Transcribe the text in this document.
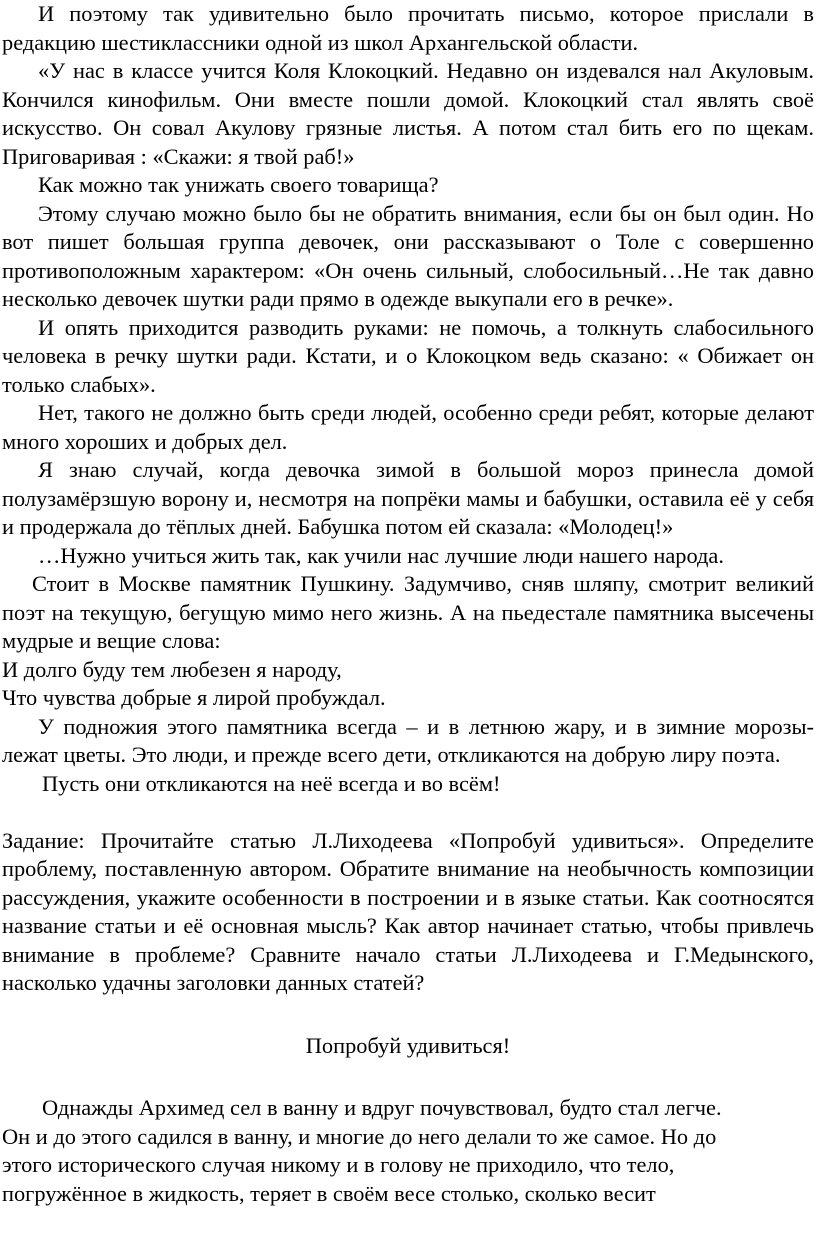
И поэтому так удивительно было прочитать письмо, которое прислали в редакцию шестиклассники одной из школ Архангельской области.

«У нас в классе учится Коля Клокоцкий. Недавно он издевался нал Акуловым. Кончился кинофильм. Они вместе пошли домой. Клокоцкий стал являть своё искусство. Он совал Акулову грязные листья. А потом стал бить его по щекам. Приговаривая : «Скажи: я твой раб!»

Как можно так унижать своего товарища?

Этому случаю можно было бы не обратить внимания, если бы он был один. Но вот пишет большая группа девочек, они рассказывают о Толе с совершенно противоположным характером: «Он очень сильный, слобосильный…Не так давно несколько девочек шутки ради прямо в одежде выкупали его в речке».

И опять приходится разводить руками: не помочь, а толкнуть слабосильного человека в речку шутки ради. Кстати, и о Клокоцком ведь сказано: « Обижает он только слабых».

Нет, такого не должно быть среди людей, особенно среди ребят, которые делают много хороших и добрых дел.

Я знаю случай, когда девочка зимой в большой мороз принесла домой полузамёрзшую ворону и, несмотря на попрёки мамы и бабушки, оставила её у себя и продержала до тёплых дней. Бабушка потом ей сказала: «Молодец!»

…Нужно учиться жить так, как учили нас лучшие люди нашего народа.

Стоит в Москве памятник Пушкину. Задумчиво, сняв шляпу, смотрит великий поэт на текущую, бегущую мимо него жизнь. А на пьедестале памятника высечены мудрые и вещие слова:

И долго буду тем любезен я народу,

Что чувства добрые я лирой пробуждал.

У подножия этого памятника всегда – и в летнюю жару, и в зимние морозы- лежат цветы. Это люди, и прежде всего дети, откликаются на добрую лиру поэта.

Пусть они откликаются на неё всегда и во всём!

Задание: Прочитайте статью Л.Лиходеева «Попробуй удивиться». Определите проблему, поставленную автором. Обратите внимание на необычность композиции рассуждения, укажите особенности в построении и в языке статьи. Как соотносятся название статьи и её основная мысль? Как автор начинает статью, чтобы привлечь внимание в проблеме? Сравните начало статьи Л.Лиходеева и Г.Медынского, насколько удачны заголовки данных статей?

Попробуй удивиться!

Однажды Архимед сел в ванну и вдруг почувствовал, будто стал легче.

Он и до этого садился в ванну, и многие до него делали то же самое. Но до

этого исторического случая никому и в голову не приходило, что тело,

погружённое в жидкость, теряет в своём весе столько, сколько весит
